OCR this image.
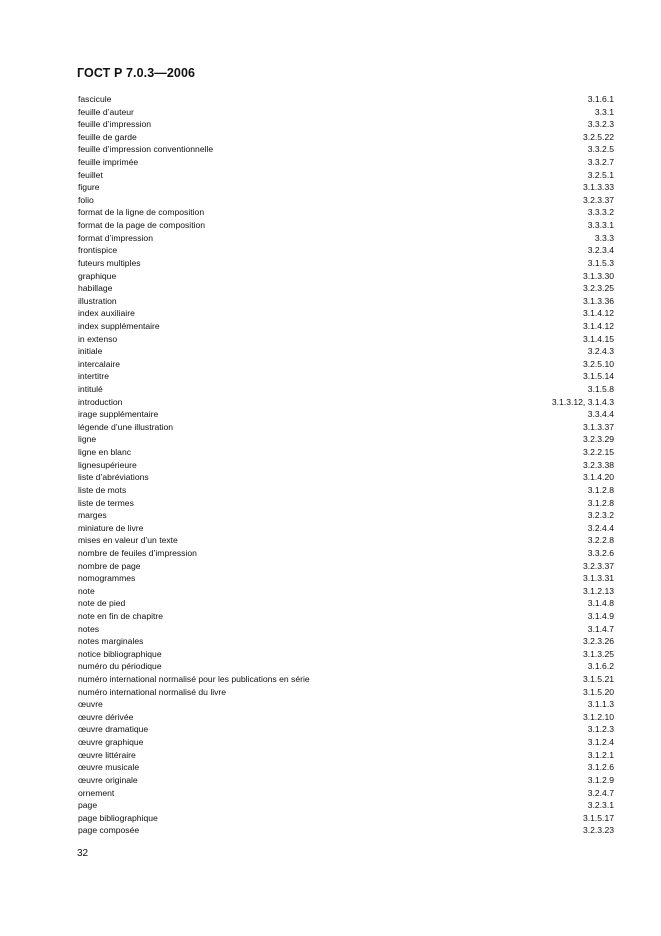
ГОСТ Р 7.0.3—2006
fascicule	3.1.6.1
feuille d’auteur	3.3.1
feuille d’impression	3.3.2.3
feuille de garde	3.2.5.22
feuille d’impression conventionnelle	3.3.2.5
feuille imprimée	3.3.2.7
feuillet	3.2.5.1
figure	3.1.3.33
folio	3.2.3.37
format de la ligne de composition	3.3.3.2
format de la page de composition	3.3.3.1
format d’impression	3.3.3
frontispice	3.2.3.4
futeurs multiples	3.1.5.3
graphique	3.1.3.30
habillage	3.2.3.25
illustration	3.1.3.36
index auxiliaire	3.1.4.12
index supplémentaire	3.1.4.12
in extenso	3.1.4.15
initiale	3.2.4.3
intercalaire	3.2.5.10
intertitre	3.1.5.14
intitulé	3.1.5.8
introduction	3.1.3.12, 3.1.4.3
irage supplémentaire	3.3.4.4
légende d’une illustration	3.1.3.37
ligne	3.2.3.29
ligne en blanc	3.2.2.15
lignesupérieure	3.2.3.38
liste d’abréviations	3.1.4.20
liste de mots	3.1.2.8
liste de termes	3.1.2.8
marges	3.2.3.2
miniature de livre	3.2.4.4
mises en valeur d’un texte	3.2.2.8
nombre de feuiles d’impression	3.3.2.6
nombre de page	3.2.3.37
nomogrammes	3.1.3.31
note	3.1.2.13
note de pied	3.1.4.8
note en fin de chapitre	3.1.4.9
notes	3.1.4.7
notes marginales	3.2.3.26
notice bibliographique	3.1.3.25
numéro du périodique	3.1.6.2
numéro international normalisé pour les publications en série	3.1.5.21
numéro international normalisé du livre	3.1.5.20
œuvre	3.1.1.3
œuvre dérivée	3.1.2.10
œuvre dramatique	3.1.2.3
œuvre graphique	3.1.2.4
œuvre littéraire	3.1.2.1
œuvre musicale	3.1.2.6
œuvre originale	3.1.2.9
ornement	3.2.4.7
page	3.2.3.1
page bibliographique	3.1.5.17
page composée	3.2.3.23
32
